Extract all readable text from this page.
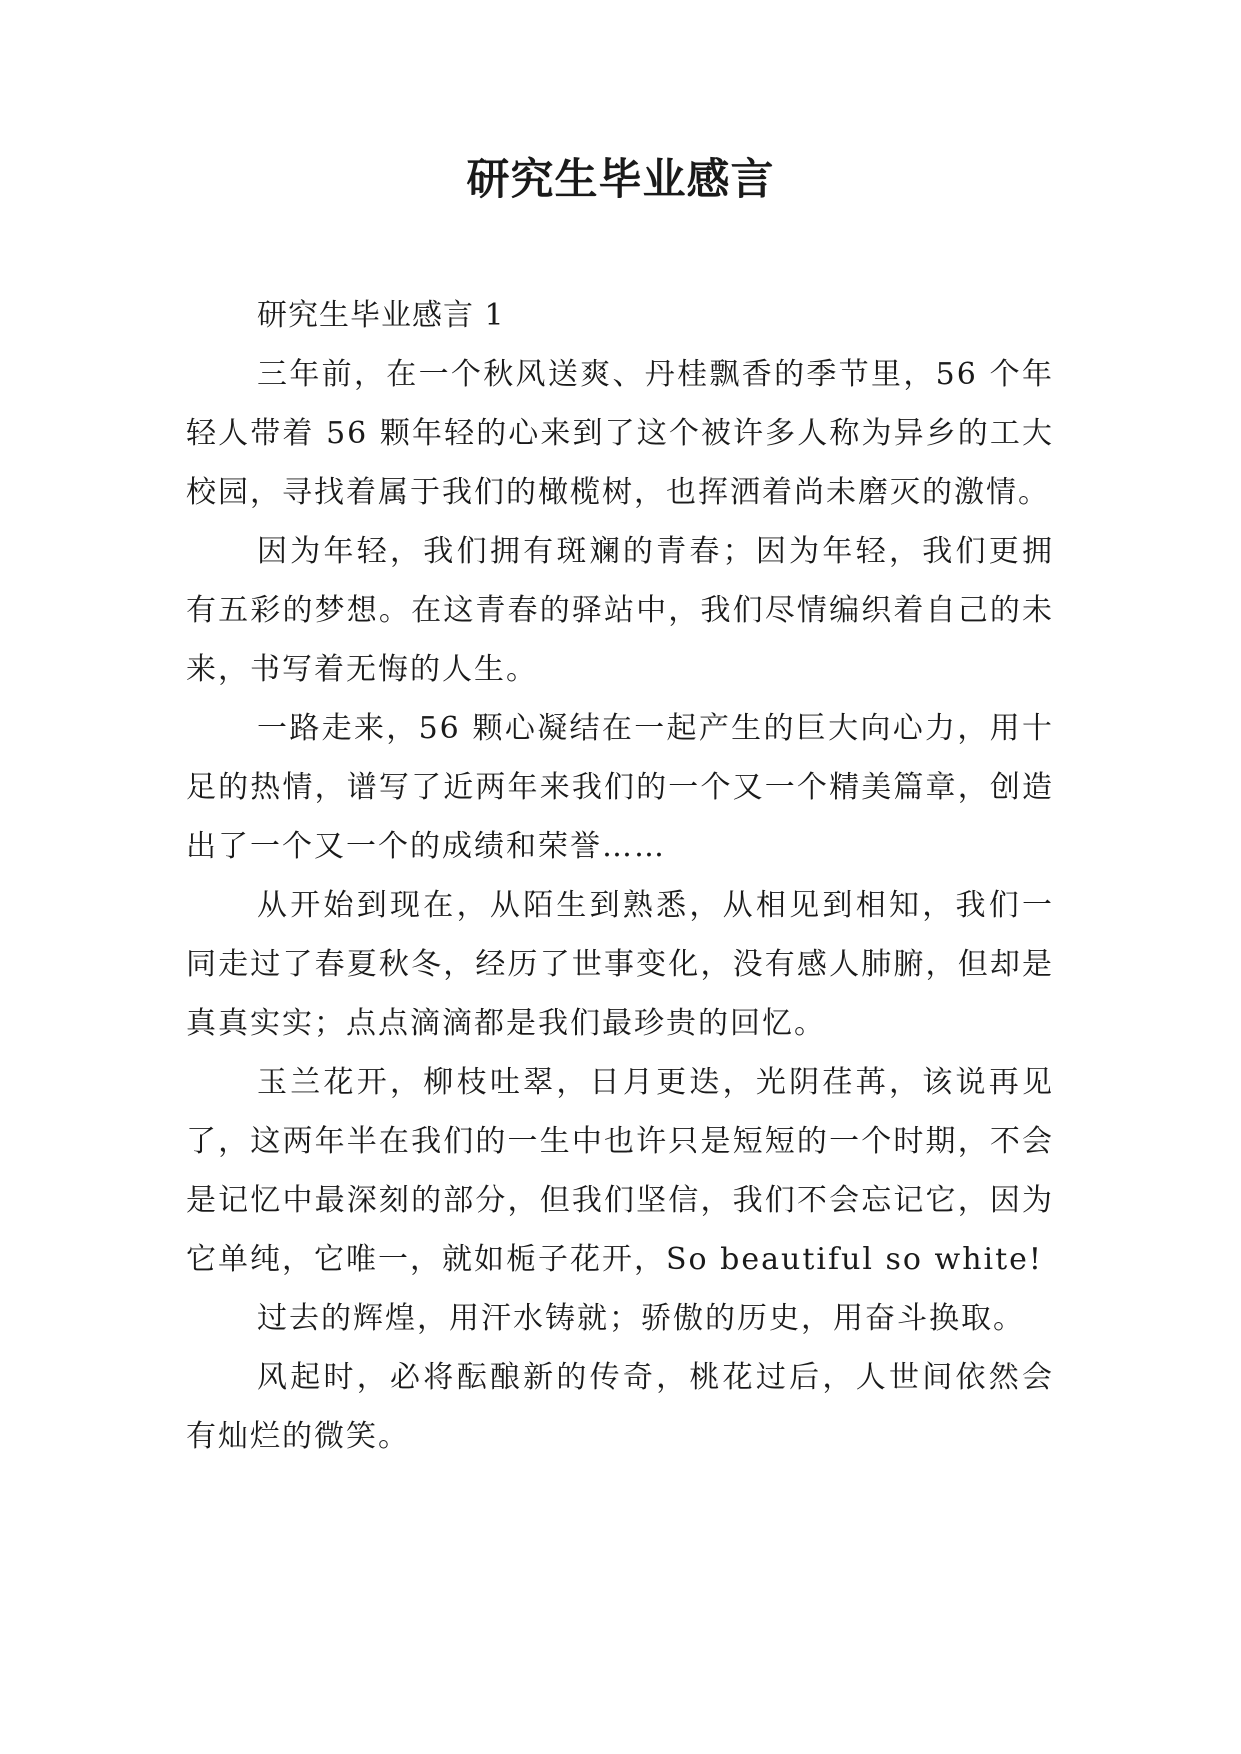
研究生毕业感言

研究生毕业感言 1

三年前，在一个秋风送爽、丹桂飘香的季节里，56 个年轻人带着 56 颗年轻的心来到了这个被许多人称为异乡的工大校园，寻找着属于我们的橄榄树，也挥洒着尚未磨灭的激情。

因为年轻，我们拥有斑斓的青春；因为年轻，我们更拥有五彩的梦想。在这青春的驿站中，我们尽情编织着自己的未来，书写着无悔的人生。

一路走来，56 颗心凝结在一起产生的巨大向心力，用十足的热情，谱写了近两年来我们的一个又一个精美篇章，创造出了一个又一个的成绩和荣誉……

从开始到现在，从陌生到熟悉，从相见到相知，我们一同走过了春夏秋冬，经历了世事变化，没有感人肺腑，但却是真真实实；点点滴滴都是我们最珍贵的回忆。

玉兰花开，柳枝吐翠，日月更迭，光阴荏苒，该说再见了，这两年半在我们的一生中也许只是短短的一个时期，不会是记忆中最深刻的部分，但我们坚信，我们不会忘记它，因为它单纯，它唯一，就如栀子花开，So beautiful so white!

过去的辉煌，用汗水铸就；骄傲的历史，用奋斗换取。

风起时，必将酝酿新的传奇，桃花过后，人世间依然会有灿烂的微笑。
